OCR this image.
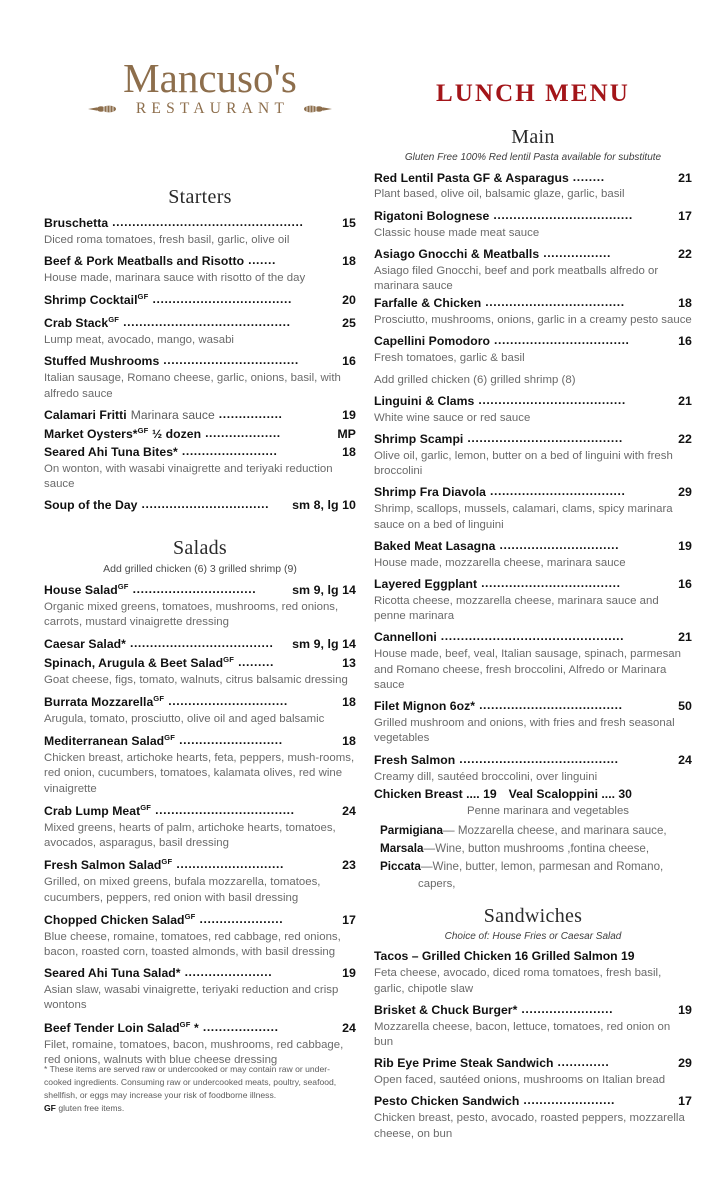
Mancuso's
RESTAURANT
LUNCH MENU
Starters
Bruschetta ................................................	15
Diced roma tomatoes, fresh basil, garlic, olive oil
Beef & Pork Meatballs and Risotto .......	18
House made, marinara sauce with risotto of the day
Shrimp Cocktail$^{GF}$ ...................................	20
Crab Stack$^{GF}$ ..........................................	25
Lump meat, avocado, mango, wasabi
Stuffed Mushrooms ..................................	16
Italian sausage, Romano cheese, garlic, onions, basil, with alfredo sauce
Calamari Fritti Marinara sauce ................	19
Market Oysters*$^{GF}$ ½ dozen ...................	MP
Seared Ahi Tuna Bites* ........................	18
On wonton, with wasabi vinaigrette and teriyaki reduction sauce
Soup of the Day ................................	sm 8, lg 10
Salads
Add grilled chicken (6) 3 grilled shrimp (9)
House Salad$^{GF}$ ...............................	sm 9, lg 14
Organic mixed greens, tomatoes, mushrooms, red onions, carrots, mustard vinaigrette dressing
Caesar Salad* ....................................	sm 9, lg 14
Spinach, Arugula & Beet Salad$^{GF}$ .........	13
Goat cheese, figs, tomato, walnuts, citrus balsamic dressing
Burrata Mozzarella$^{GF}$ ..............................	18
Arugula, tomato, prosciutto, olive oil and aged balsamic
Mediterranean Salad$^{GF}$ ..........................	18
Chicken breast, artichoke hearts, feta, peppers, mush-rooms, red onion, cucumbers, tomatoes, kalamata olives, red wine vinaigrette
Crab Lump Meat$^{GF}$ ...................................	24
Mixed greens, hearts of palm, artichoke hearts, tomatoes, avocados, asparagus, basil dressing
Fresh Salmon Salad$^{GF}$ ...........................	23
Grilled, on mixed greens, bufala mozzarella, tomatoes, cucumbers, peppers, red onion with basil dressing
Chopped Chicken Salad$^{GF}$ .....................	17
Blue cheese, romaine, tomatoes, red cabbage, red onions, bacon, roasted corn, toasted almonds, with basil dressing
Seared Ahi Tuna Salad* ......................	19
Asian slaw, wasabi vinaigrette, teriyaki reduction and crisp wontons
Beef Tender Loin Salad$^{GF}$ * ...................	24
Filet, romaine, tomatoes, bacon, mushrooms, red cabbage, red onions, walnuts with blue cheese dressing
Main
Gluten Free 100% Red lentil Pasta available for substitute
Red Lentil Pasta GF & Asparagus ........	21
Plant based, olive oil, balsamic glaze, garlic, basil
Rigatoni Bolognese ...................................	17
Classic house made meat sauce
Asiago Gnocchi & Meatballs .................	22
Asiago filed Gnocchi, beef and pork meatballs alfredo or marinara sauce
Farfalle & Chicken ...................................	18
Prosciutto, mushrooms, onions, garlic in a creamy pesto sauce
Capellini Pomodoro ..................................	16
Fresh tomatoes, garlic & basil
Add grilled chicken (6) grilled shrimp (8)
Linguini & Clams .....................................	21
White wine sauce or red sauce
Shrimp Scampi .......................................	22
Olive oil, garlic, lemon, butter on a bed of linguini with fresh broccolini
Shrimp Fra Diavola ..................................	29
Shrimp, scallops, mussels, calamari, clams, spicy marinara sauce on a bed of linguini
Baked Meat Lasagna ..............................	19
House made, mozzarella cheese, marinara sauce
Layered Eggplant ...................................	16
Ricotta cheese, mozzarella cheese, marinara sauce and penne marinara
Cannelloni ..............................................	21
House made, beef, veal, Italian sausage, spinach, parmesan and Romano cheese, fresh broccolini, Alfredo or Marinara sauce
Filet Mignon 6oz* ....................................	50
Grilled mushroom and onions, with fries and fresh seasonal vegetables
Fresh Salmon ........................................	24
Creamy dill, sautéed broccolini, over linguini
Chicken Breast .... 19 Veal Scaloppini .... 30
Penne marinara and vegetables
Parmigiana— Mozzarella cheese, and marinara sauce,
Marsala—Wine, button mushrooms ,fontina cheese,
Piccata—Wine, butter, lemon, parmesan and Romano,
capers,
Sandwiches
Choice of: House Fries or Caesar Salad
Tacos – Grilled Chicken 16 Grilled Salmon 19
Feta cheese, avocado, diced roma tomatoes, fresh basil, garlic, chipotle slaw
Brisket & Chuck Burger* .......................	19
Mozzarella cheese, bacon, lettuce, tomatoes, red onion on bun
Rib Eye Prime Steak Sandwich .............	29
Open faced, sautéed onions, mushrooms on Italian bread
Pesto Chicken Sandwich .......................	17
Chicken breast, pesto, avocado, roasted peppers, mozzarella cheese, on bun
* These items are served raw or undercooked or may contain raw or under-cooked ingredients. Consuming raw or undercooked meats, poultry, seafood, shellfish, or eggs may increase your risk of foodborne illness.
GF gluten free items.
